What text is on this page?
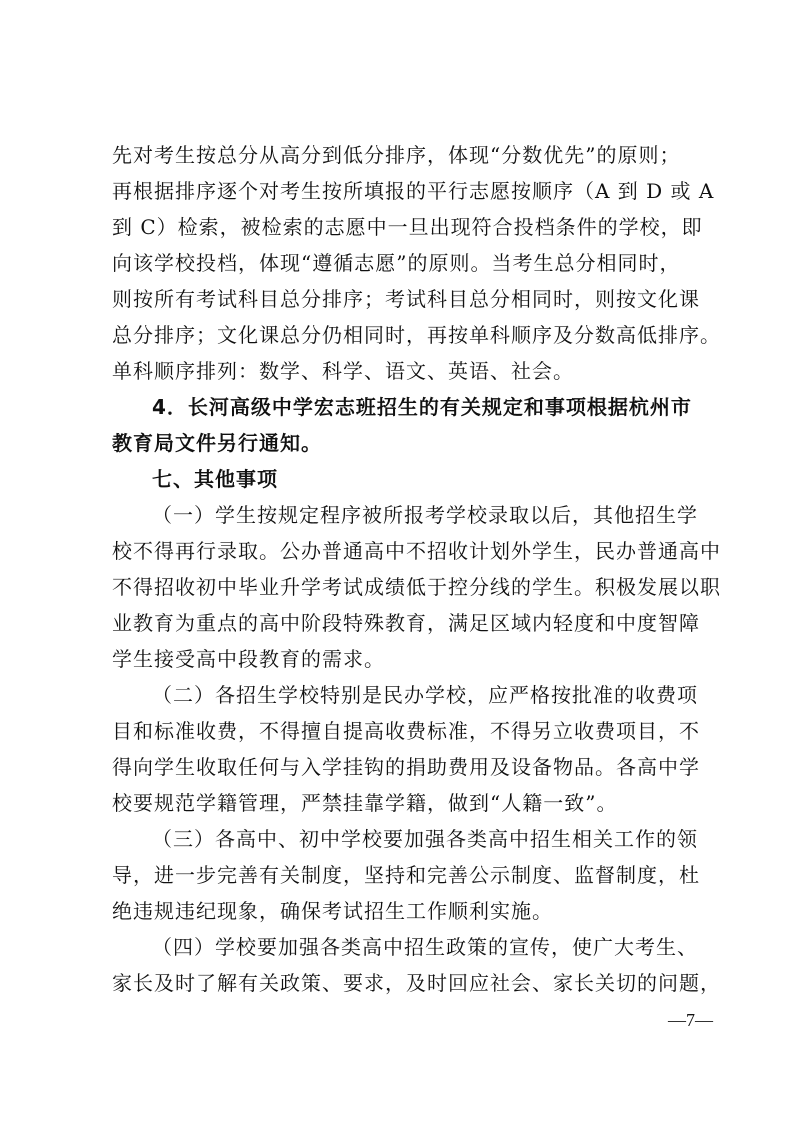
先对考生按总分从高分到低分排序，体现“分数优先”的原则；
再根据排序逐个对考生按所填报的平行志愿按顺序（A 到 D 或 A
到 C）检索，被检索的志愿中一旦出现符合投档条件的学校，即
向该学校投档，体现“遵循志愿”的原则。当考生总分相同时，
则按所有考试科目总分排序；考试科目总分相同时，则按文化课
总分排序；文化课总分仍相同时，再按单科顺序及分数高低排序。
单科顺序排列：数学、科学、语文、英语、社会。
4．长河高级中学宏志班招生的有关规定和事项根据杭州市
教育局文件另行通知。
七、其他事项
（一）学生按规定程序被所报考学校录取以后，其他招生学
校不得再行录取。公办普通高中不招收计划外学生，民办普通高中
不得招收初中毕业升学考试成绩低于控分线的学生。积极发展以职
业教育为重点的高中阶段特殊教育，满足区域内轻度和中度智障
学生接受高中段教育的需求。
（二）各招生学校特别是民办学校，应严格按批准的收费项
目和标准收费，不得擅自提高收费标准，不得另立收费项目，不
得向学生收取任何与入学挂钩的捐助费用及设备物品。各高中学
校要规范学籍管理，严禁挂靠学籍，做到“人籍一致”。
（三）各高中、初中学校要加强各类高中招生相关工作的领
导，进一步完善有关制度，坚持和完善公示制度、监督制度，杜
绝违规违纪现象，确保考试招生工作顺利实施。
（四）学校要加强各类高中招生政策的宣传，使广大考生、
家长及时了解有关政策、要求，及时回应社会、家长关切的问题，
—7—
